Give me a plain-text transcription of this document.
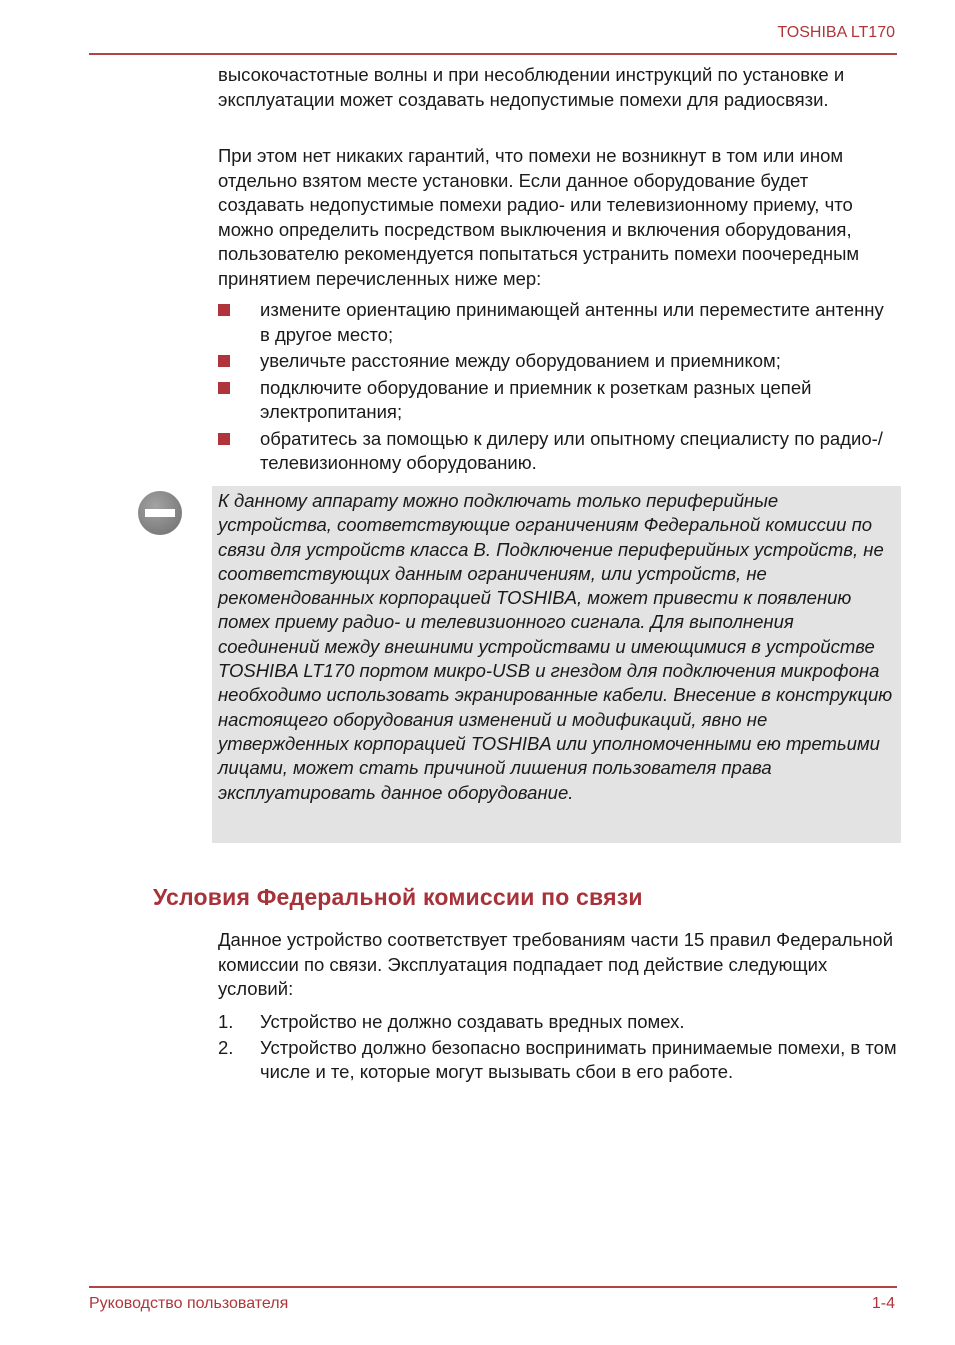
TOSHIBA LT170

высокочастотные волны и при несоблюдении инструкций по установке и эксплуатации может создавать недопустимые помехи для радиосвязи.

При этом нет никаких гарантий, что помехи не возникнут в том или ином отдельно взятом месте установки. Если данное оборудование будет создавать недопустимые помехи радио- или телевизионному приему, что можно определить посредством выключения и включения оборудования, пользователю рекомендуется попытаться устранить помехи поочередным принятием перечисленных ниже мер:

измените ориентацию принимающей антенны или переместите антенну в другое место;
увеличьте расстояние между оборудованием и приемником;
подключите оборудование и приемник к розеткам разных цепей электропитания;
обратитесь за помощью к дилеру или опытному специалисту по радио-/телевизионному оборудованию.

К данному аппарату можно подключать только периферийные устройства, соответствующие ограничениям Федеральной комиссии по связи для устройств класса B. Подключение периферийных устройств, не соответствующих данным ограничениям, или устройств, не рекомендованных корпорацией TOSHIBA, может привести к появлению помех приему радио- и телевизионного сигнала. Для выполнения соединений между внешними устройствами и имеющимися в устройстве TOSHIBA LT170 портом микро-USB и гнездом для подключения микрофона необходимо использовать экранированные кабели. Внесение в конструкцию настоящего оборудования изменений и модификаций, явно не утвержденных корпорацией TOSHIBA или уполномоченными ею третьими лицами, может стать причиной лишения пользователя права эксплуатировать данное оборудование.

Условия Федеральной комиссии по связи

Данное устройство соответствует требованиям части 15 правил Федеральной комиссии по связи. Эксплуатация подпадает под действие следующих условий:

1. Устройство не должно создавать вредных помех.
2. Устройство должно безопасно воспринимать принимаемые помехи, в том числе и те, которые могут вызывать сбои в его работе.
Руководство пользователя	1-4
